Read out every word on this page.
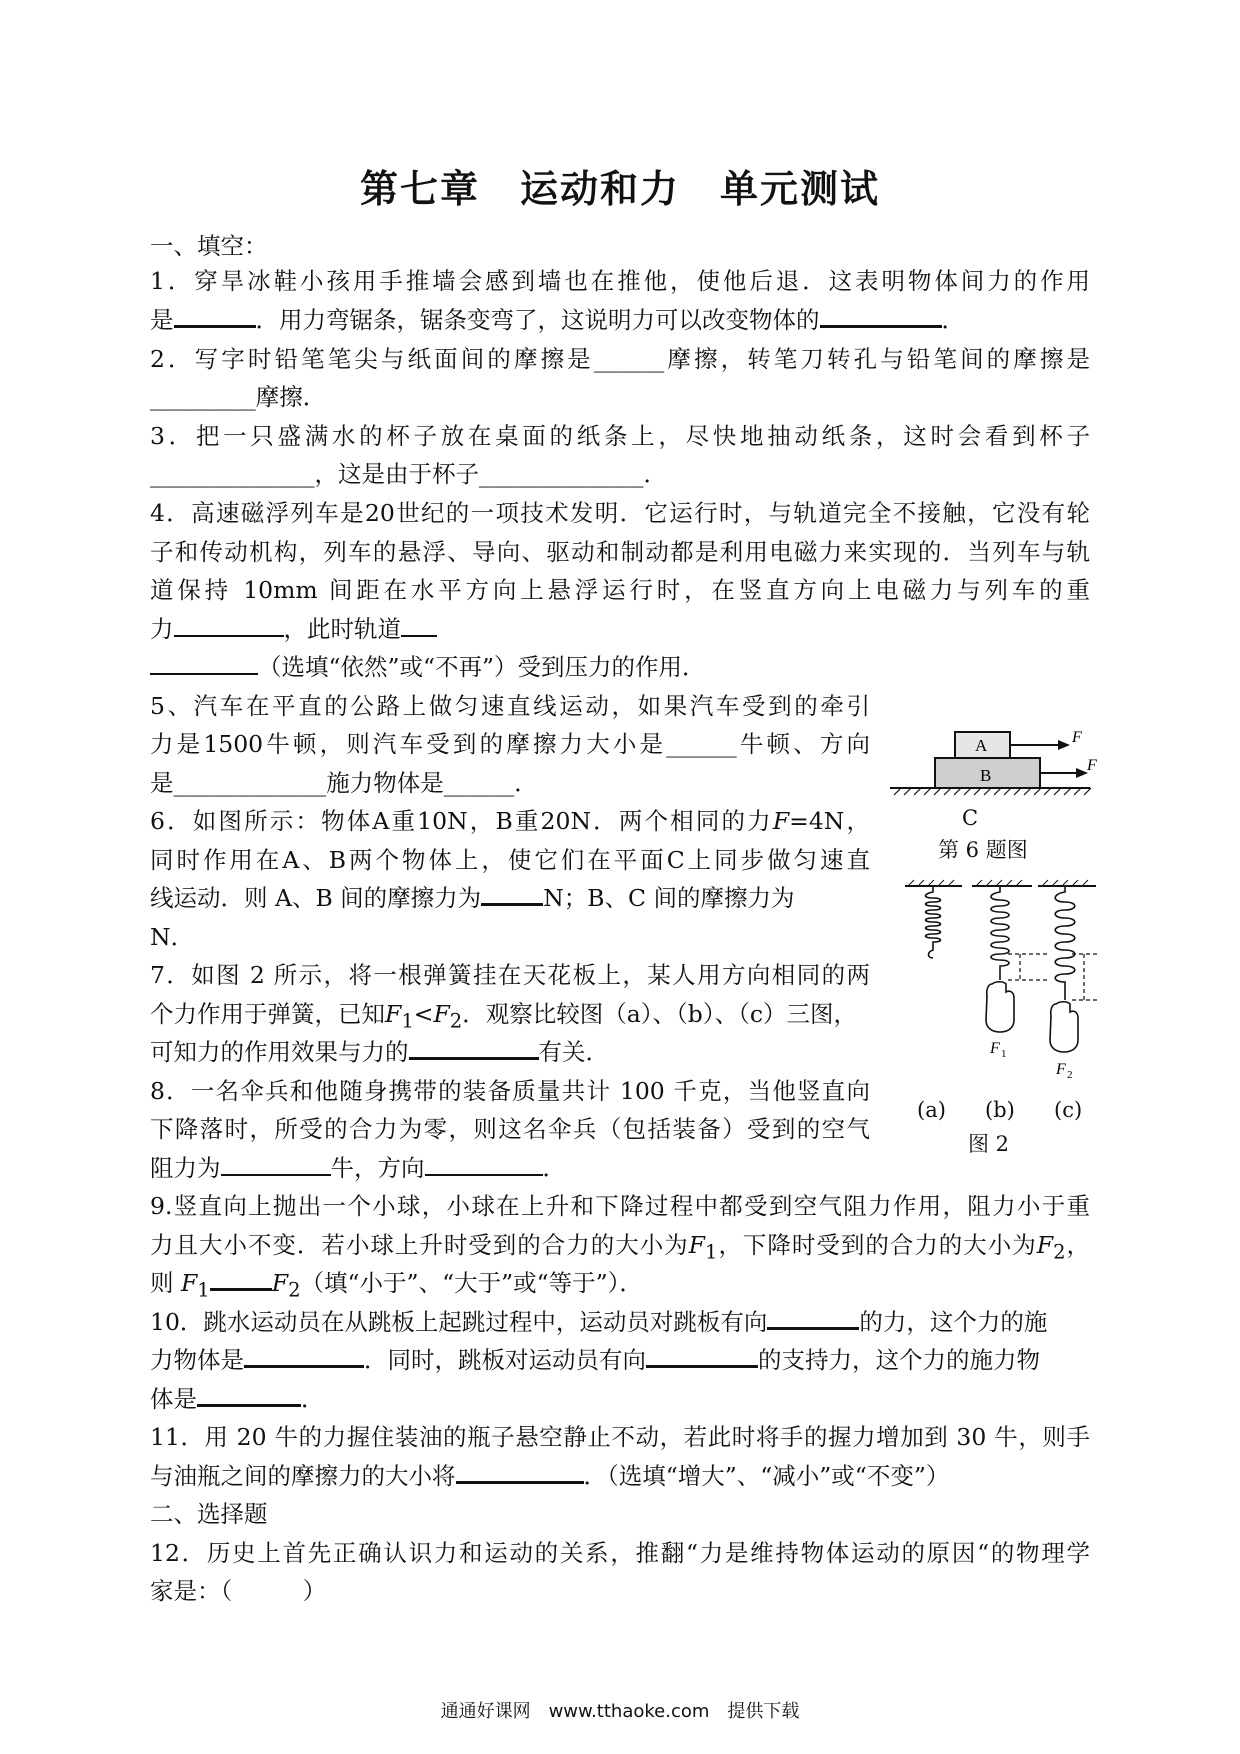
第七章　运动和力　单元测试
一、填空：
1．穿旱冰鞋小孩用手推墙会感到墙也在推他，使他后退．这表明物体间力的作用
是	．用力弯锯条，锯条变弯了，这说明力可以改变物体的	．
2．写字时铅笔笔尖与纸面间的摩擦是______摩擦，转笔刀转孔与铅笔间的摩擦是
_________摩擦．
3．把一只盛满水的杯子放在桌面的纸条上，尽快地抽动纸条，这时会看到杯子
______________，这是由于杯子______________．
4．高速磁浮列车是20世纪的一项技术发明．它运行时，与轨道完全不接触，它没有轮
子和传动机构，列车的悬浮、导向、驱动和制动都是利用电磁力来实现的．当列车与轨
道保持 10mm 间距在水平方向上悬浮运行时，在竖直方向上电磁力与列车的重
力	，此时轨道
（选填“依然”或“不再”）受到压力的作用．
5、汽车在平直的公路上做匀速直线运动，如果汽车受到的牵引
力是1500牛顿，则汽车受到的摩擦力大小是______牛顿、方向
是_____________施力物体是______．
6．如图所示：物体A重10N，B重20N．两个相同的力F=4N，
同时作用在A、B两个物体上，使它们在平面C上同步做匀速直
线运动．则 A、B 间的摩擦力为	N；B、C 间的摩擦力为
N．
7．如图 2 所示，将一根弹簧挂在天花板上，某人用方向相同的两
个力作用于弹簧，已知$F_1<F_2$．观察比较图（a）、（b）、（c）三图，
可知力的作用效果与力的	有关．
8．一名伞兵和他随身携带的装备质量共计 100 千克，当他竖直向
下降落时，所受的合力为零，则这名伞兵（包括装备）受到的空气
阻力为	牛，方向	．
9.竖直向上抛出一个小球，小球在上升和下降过程中都受到空气阻力作用，阻力小于重
力且大小不变．若小球上升时受到的合力的大小为$F_1$，下降时受到的合力的大小为$F_2$，
则 $F_1$	$F_2$（填“小于”、“大于”或“等于”）．
10．跳水运动员在从跳板上起跳过程中，运动员对跳板有向	的力，这个力的施
力物体是	．同时，跳板对运动员有向	的支持力，这个力的施力物
体是	．
11．用 20 牛的力握住装油的瓶子悬空静止不动，若此时将手的握力增加到 30 牛，则手
与油瓶之间的摩擦力的大小将	．（选填“增大”、“减小”或“不变”）
二、选择题
12．历史上首先正确认识力和运动的关系，推翻“力是维持物体运动的原因“的物理学
家是：（　　　）
A
B
F
F
C
第 6 题图
F 1
F 2
(a) (b) (c)
图 2
通通好课网　www.tthaoke.com　提供下载
